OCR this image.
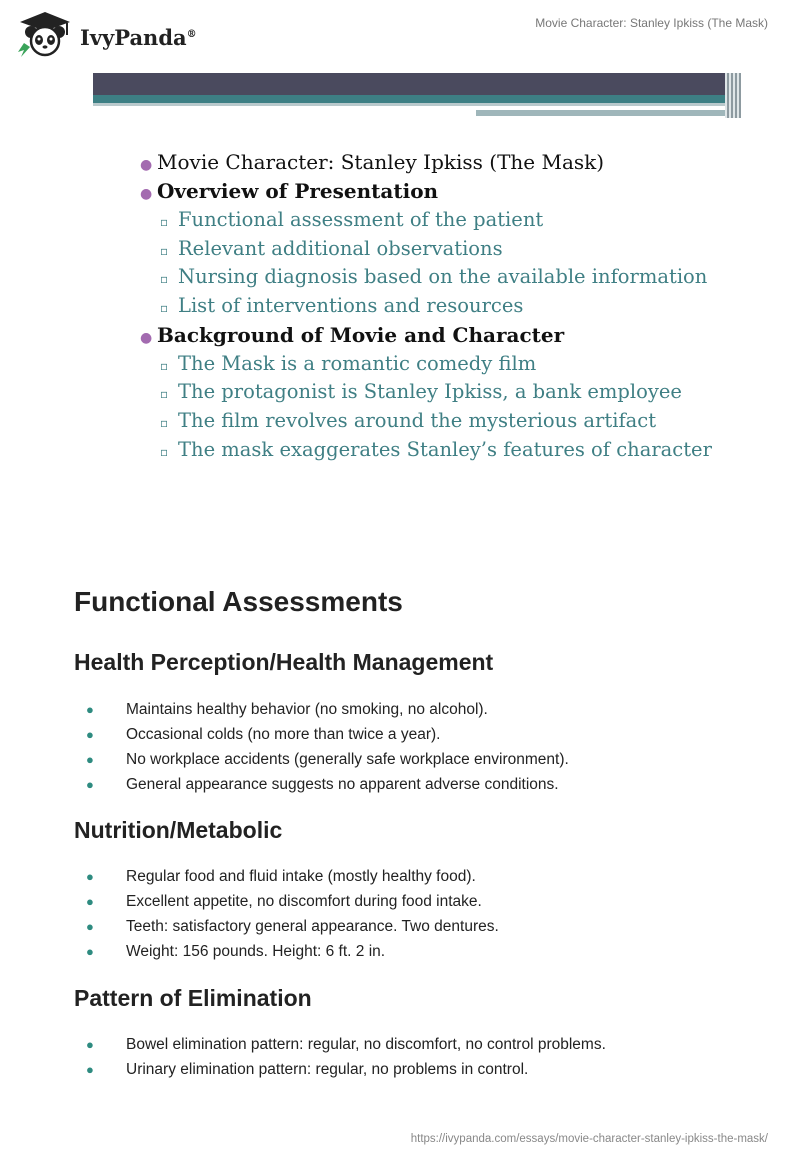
IvyPanda®
Movie Character: Stanley Ipkiss (The Mask)
● Movie Character: Stanley Ipkiss (The Mask)
● Overview of Presentation
▫ Functional assessment of the patient
▫ Relevant additional observations
▫ Nursing diagnosis based on the available information
▫ List of interventions and resources
● Background of Movie and Character
▫ The Mask is a romantic comedy film
▫ The protagonist is Stanley Ipkiss, a bank employee
▫ The film revolves around the mysterious artifact
▫ The mask exaggerates Stanley’s features of character
Functional Assessments
Health Perception/Health Management
●	Maintains healthy behavior (no smoking, no alcohol).
●	Occasional colds (no more than twice a year).
●	No workplace accidents (generally safe workplace environment).
●	General appearance suggests no apparent adverse conditions.
Nutrition/Metabolic
●	Regular food and fluid intake (mostly healthy food).
●	Excellent appetite, no discomfort during food intake.
●	Teeth: satisfactory general appearance. Two dentures.
●	Weight: 156 pounds. Height: 6 ft. 2 in.
Pattern of Elimination
●	Bowel elimination pattern: regular, no discomfort, no control problems.
●	Urinary elimination pattern: regular, no problems in control.
https://ivypanda.com/essays/movie-character-stanley-ipkiss-the-mask/
